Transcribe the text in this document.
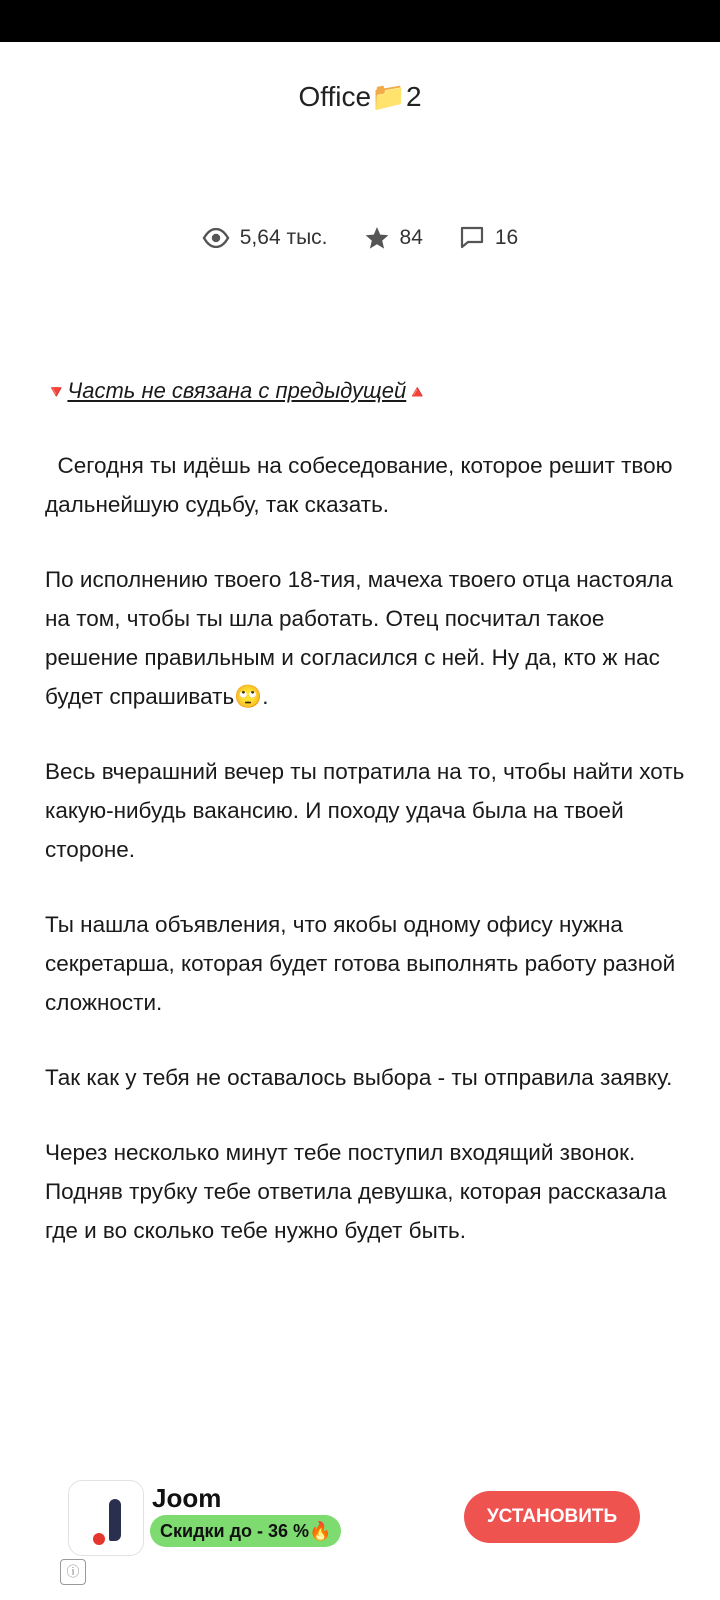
Office📁2
5,64 тыс.	84	16
🔻Часть не связана с предыдущей🔺

Сегодня ты идёшь на собеседование, которое решит твою дальнейшую судьбу, так сказать.

По исполнению твоего 18-тия, мачеха твоего отца настояла на том, чтобы ты шла работать. Отец посчитал такое решение правильным и согласился с ней. Ну да, кто ж нас будет спрашивать🙄.

Весь вчерашний вечер ты потратила на то, чтобы найти хоть какую-нибудь вакансию. И походу удача была на твоей стороне.

Ты нашла объявления, что якобы одному офису нужна секретарша, которая будет готова выполнять работу разной сложности.

Так как у тебя не оставалось выбора - ты отправила заявку.

Через несколько минут тебе поступил входящий звонок. Подняв трубку тебе ответила девушка, которая рассказала где и во сколько тебе нужно будет быть.

Joom
Скидки до - 36 %🔥
УСТАНОВИТЬ
ⓘ
